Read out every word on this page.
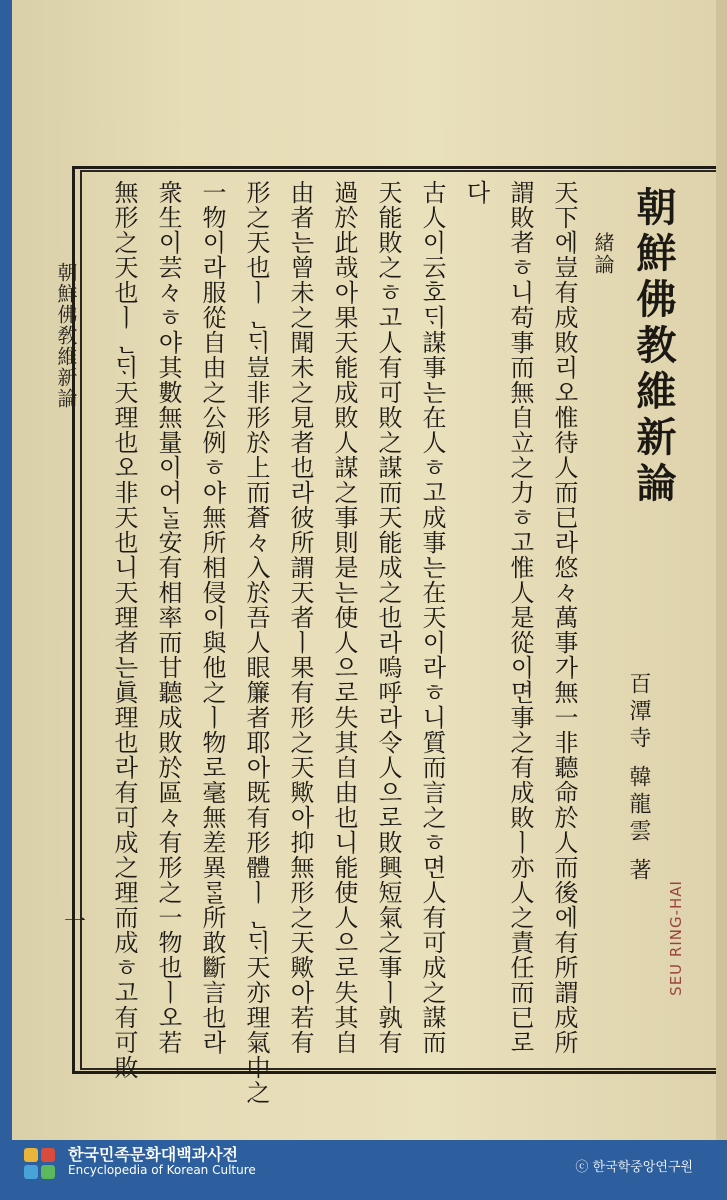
朝鮮佛敎維新論
一
朝鮮佛教維新論
緒論
百潭寺 韓龍雲 著
天下에豈有成敗리오惟待人而已라悠々萬事가無一非聽命於人而後에有所謂成所
謂敗者ㅎ니苟事而無自立之力ㅎ고惟人是從이면事之有成敗ㅣ亦人之責任而已로
다
古人이云호ᄃᆡ謀事는在人ㅎ고成事는在天이라ㅎ니質而言之ㅎ면人有可成之謀而
天能敗之ㅎ고人有可敗之謀而天能成之也라嗚呼라令人으로敗興短氣之事ㅣ孰有
過於此哉아果天能成敗人謀之事則是는使人으로失其自由也니能使人으로失其自
由者는曾未之聞未之見者也라彼所謂天者ㅣ果有形之天歟아抑無形之天歟아若有
形之天也ㅣᆫᄃᆡ豈非形於上而蒼々入於吾人眼簾者耶아既有形體ㅣᆫᄃᆡ天亦理氣中之
一物이라服從自由之公例ㅎ야無所相侵이與他之ㅣ物로毫無差異ᄅᆞᆯ所敢斷言也라
衆生이芸々ㅎ야其數無量이어ᄂᆞᆯ安有相率而甘聽成敗於區々有形之一物也ㅣ오若
無形之天也ㅣᆫᄃᆡ天理也오非天也니天理者는眞理也라有可成之理而成ㅎ고有可敗	SEU RING-HAI
한국민족문화대백과사전
Encyclopedia of Korean Culture	ⓒ 한국학중앙연구원
